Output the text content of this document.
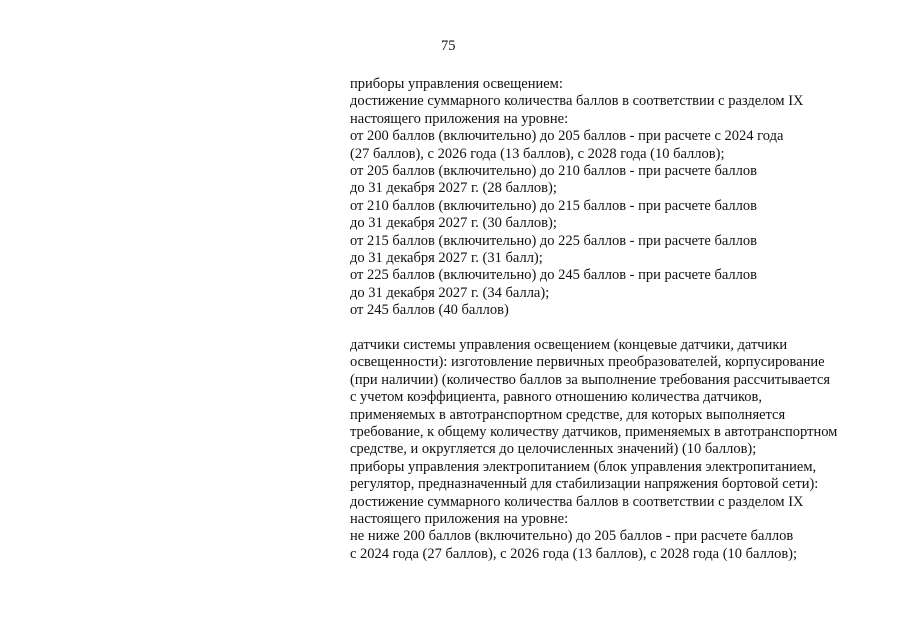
75
приборы управления освещением:
достижение суммарного количества баллов в соответствии с разделом IX
настоящего приложения на уровне:
от 200 баллов (включительно) до 205 баллов - при расчете с 2024 года
(27 баллов), с 2026 года (13 баллов), с 2028 года (10 баллов);
от 205 баллов (включительно) до 210 баллов - при расчете баллов
до 31 декабря 2027 г. (28 баллов);
от 210 баллов (включительно) до 215 баллов - при расчете баллов
до 31 декабря 2027 г. (30 баллов);
от 215 баллов (включительно) до 225 баллов - при расчете баллов
до 31 декабря 2027 г. (31 балл);
от 225 баллов (включительно) до 245 баллов - при расчете баллов
до 31 декабря 2027 г. (34 балла);
от 245 баллов (40 баллов)
датчики системы управления освещением (концевые датчики, датчики
освещенности): изготовление первичных преобразователей, корпусирование
(при наличии) (количество баллов за выполнение требования рассчитывается
с учетом коэффициента, равного отношению количества датчиков,
применяемых в автотранспортном средстве, для которых выполняется
требование, к общему количеству датчиков, применяемых в автотранспортном
средстве, и округляется до целочисленных значений) (10 баллов);
приборы управления электропитанием (блок управления электропитанием,
регулятор, предназначенный для стабилизации напряжения бортовой сети):
достижение суммарного количества баллов в соответствии с разделом IX
настоящего приложения на уровне:
не ниже 200 баллов (включительно) до 205 баллов - при расчете баллов
с 2024 года (27 баллов), с 2026 года (13 баллов), с 2028 года (10 баллов);
